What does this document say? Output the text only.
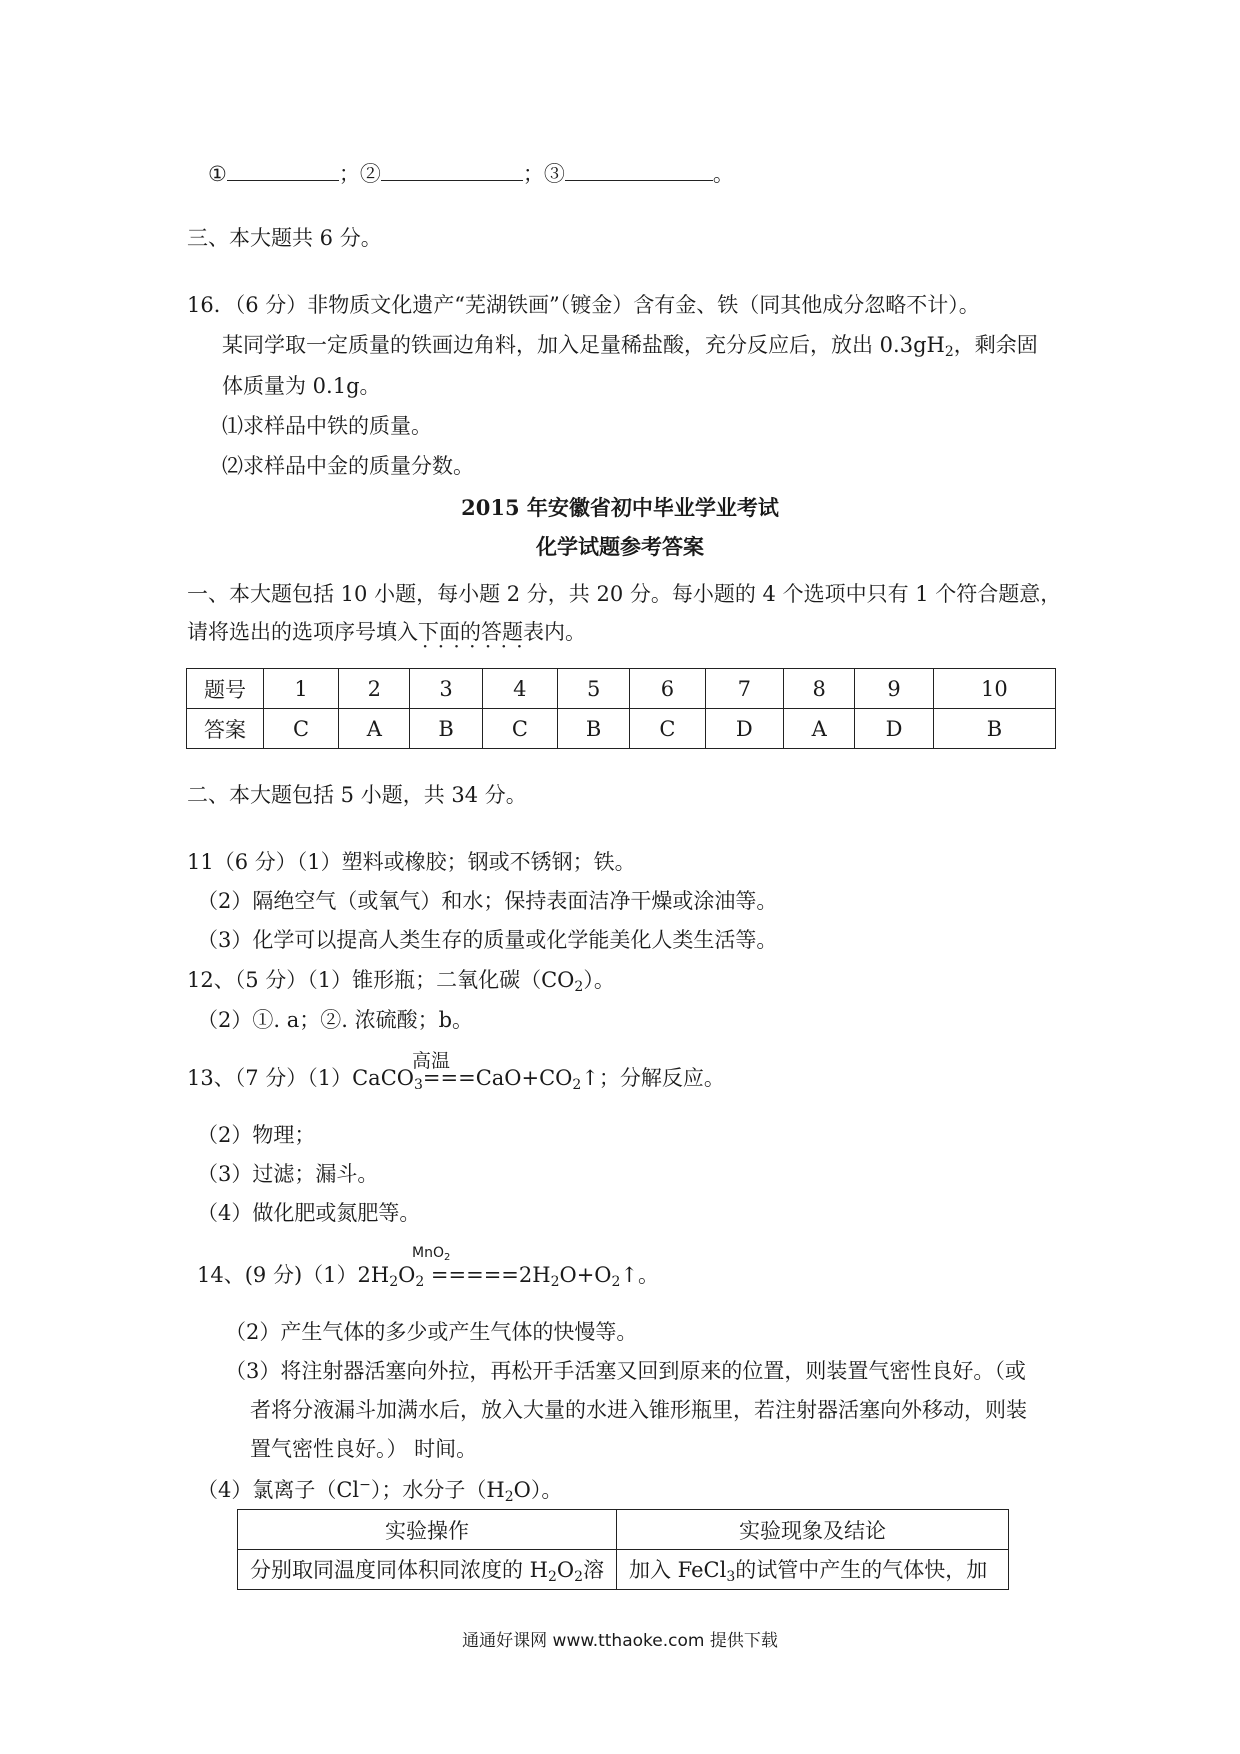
①	；②	；③	。
三、本大题共 6 分。
16．（6 分）非物质文化遗产“芜湖铁画”（镀金）含有金、铁（同其他成分忽略不计）。
某同学取一定质量的铁画边角料，加入足量稀盐酸，充分反应后，放出 $0.3gH_2$，剩余固
体质量为 0.1g。
⑴求样品中铁的质量。
⑵求样品中金的质量分数。
2015 年安徽省初中毕业学业考试
化学试题参考答案
一、本大题包括 10 小题，每小题 2 分，共 20 分。每小题的 4 个选项中只有 1 个符合题意，
请将选出的选项序号填入下面的答题表内 · · ·。
题号	1	2	3	4	5	6	7	8	9	10
答案	C	A	B	C	B	C	D	A	D	B
二、本大题包括 5 小题，共 34 分。
11（6 分）（1）塑料或橡胶；钢或不锈钢；铁。
（2）隔绝空气（或氧气）和水；保持表面洁净干燥或涂油等。
（3）化学可以提高人类生存的质量或化学能美化人类生活等。
12、（5 分）（1）锥形瓶；二氧化碳$(CO_2)$。
（2）①. a；②. 浓硫酸；b。
高温
13、（7 分）$(1)CaCO_3===CaO+CO_2↑$；分解反应。
（2）物理；
（3）过滤；漏斗。
（4）做化肥或氮肥等。
MnO$_2$
14、(9 分)$(1)2H_2O_2$ $=====2H_2O+O_2↑$。
（2）产生气体的多少或产生气体的快慢等。
（3）将注射器活塞向外拉，再松开手活塞又回到原来的位置，则装置气密性良好。（或
者将分液漏斗加满水后，放入大量的水进入锥形瓶里，若注射器活塞向外移动，则装
置气密性良好。） 时间。
（4）氯离子（Cl−）；水分子$(H_2O)$。
实验操作	实验现象及结论
分别取同温度同体积同浓度的 $H_2O_2$溶	加入 FeCl$_3$的试管中产生的气体快，加
通通好课网 www.tthaoke.com 提供下载
